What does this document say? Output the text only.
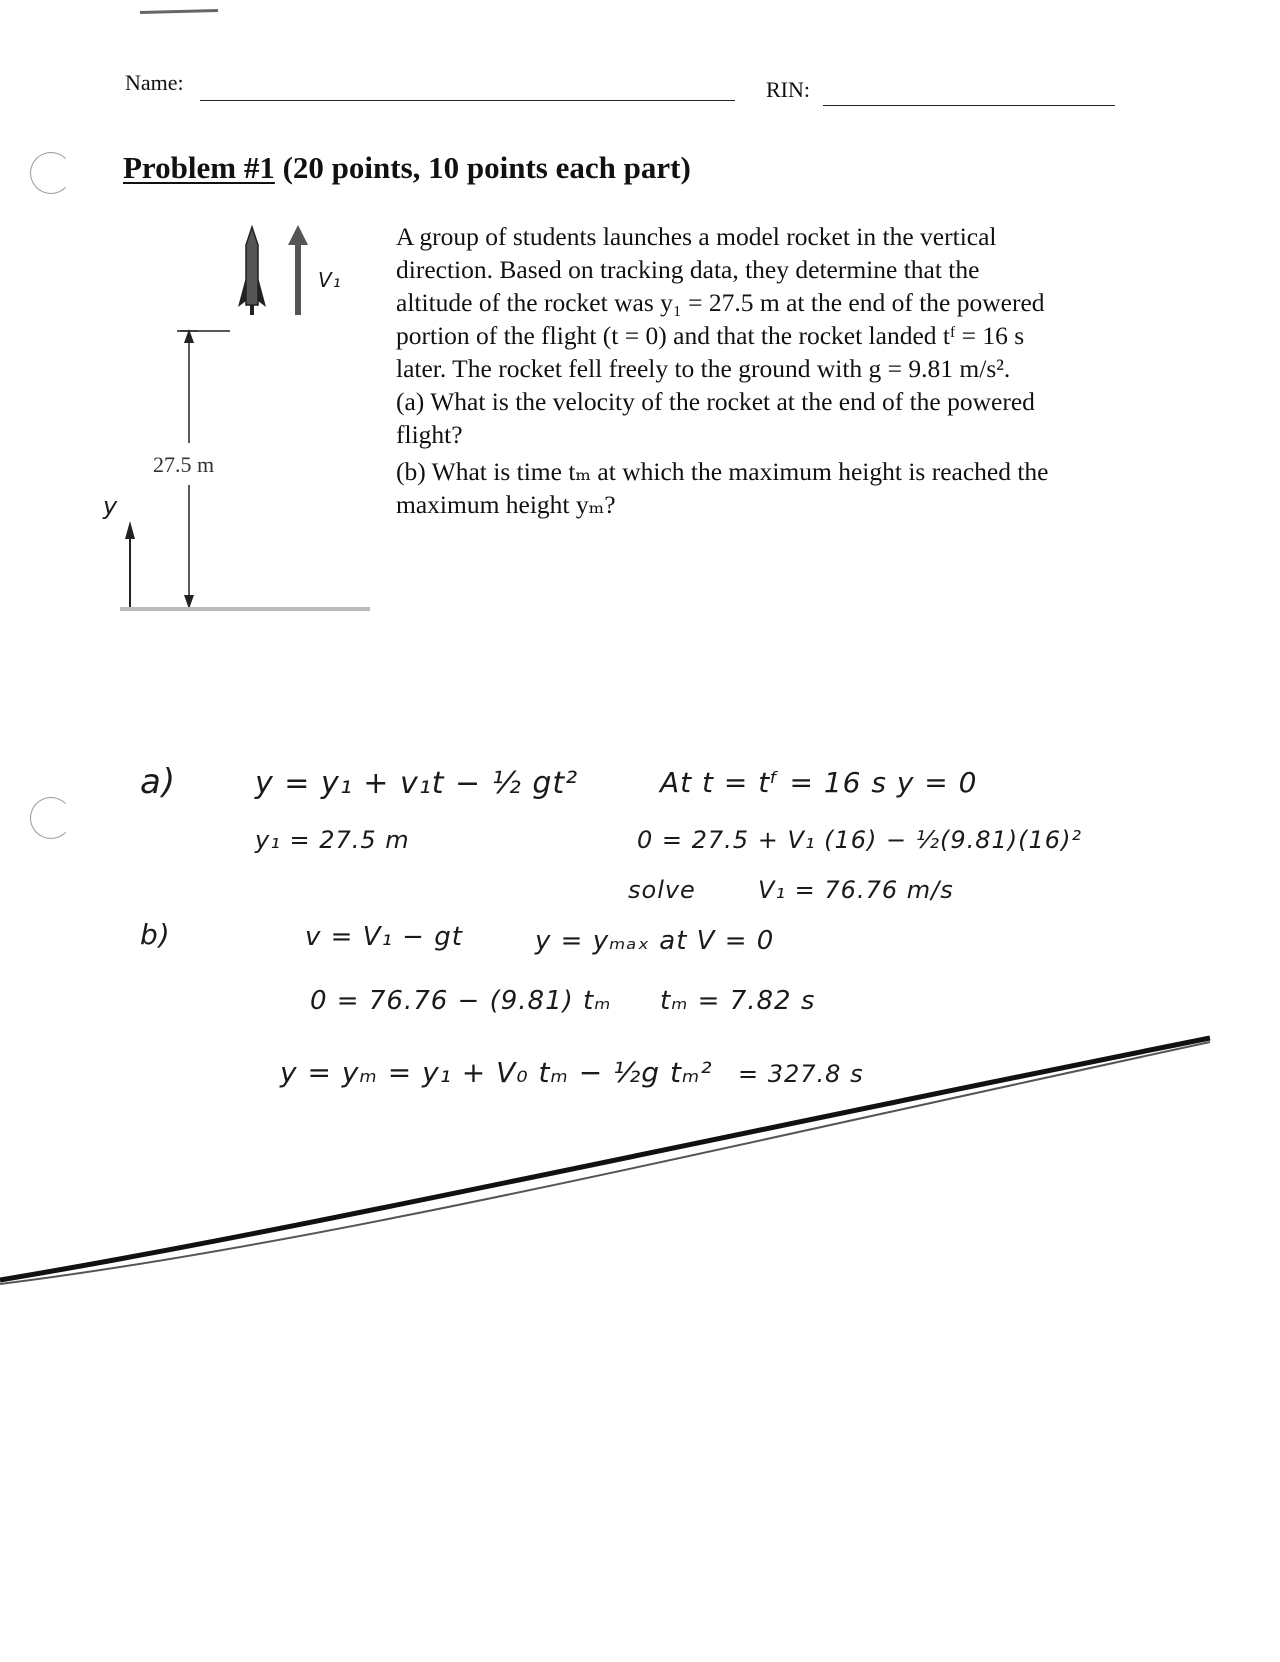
Name:	RIN:
Problem #1 (20 points, 10 points each part)

A group of students launches a model rocket in the vertical

direction. Based on tracking data, they determine that the

altitude of the rocket was y₁ = 27.5 m at the end of the powered

portion of the flight (t = 0) and that the rocket landed tᶠ = 16 s

later. The rocket fell freely to the ground with g = 9.81 m/s².

(a) What is the velocity of the rocket at the end of the powered

flight?

(b) What is time tₘ at which the maximum height is reached the

maximum height yₘ?

27.5 m
V₁
y
a)	y = y₁ + v₁t − ½ gt²
y₁ = 27.5 m
At t = tᶠ = 16 s y = 0
0 = 27.5 + V₁ (16) − ½(9.81)(16)²
solve	V₁ = 76.76 m/s
b)	v = V₁ − gt	y = yₘₐₓ at V = 0
0 = 76.76 − (9.81) tₘ tₘ = 7.82 s
y = yₘ = y₁ + V₀ tₘ − ½g tₘ² = 327.8 s
